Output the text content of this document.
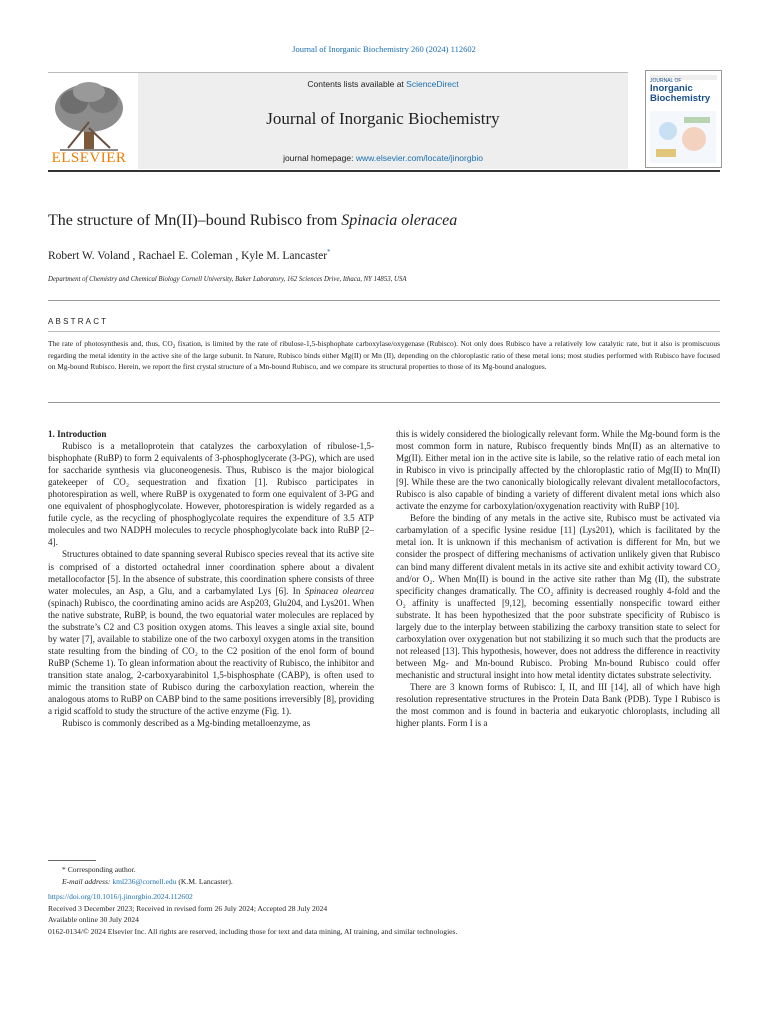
Journal of Inorganic Biochemistry 260 (2024) 112602
ELSEVIER
Contents lists available at ScienceDirect
Journal of Inorganic Biochemistry
journal homepage: www.elsevier.com/locate/jinorgbio
JOURNAL OF
Inorganic
Biochemistry
The structure of Mn(II)–bound Rubisco from Spinacia oleracea
Robert W. Voland , Rachael E. Coleman , Kyle M. Lancaster*
Department of Chemistry and Chemical Biology Cornell University, Baker Laboratory, 162 Sciences Drive, Ithaca, NY 14853, USA
ABSTRACT
The rate of photosynthesis and, thus, $CO_2$ fixation, is limited by the rate of ribulose-1,5-bisphophate carboxylase/oxygenase (Rubisco). Not only does Rubisco have a relatively low catalytic rate, but it also is promiscuous regarding the metal identity in the active site of the large subunit. In Nature, Rubisco binds either Mg(II) or Mn (II), depending on the chloroplastic ratio of these metal ions; most studies performed with Rubisco have focused on Mg-bound Rubisco. Herein, we report the first crystal structure of a Mn-bound Rubisco, and we compare its structural properties to those of its Mg-bound analogues.

1. Introduction

Rubisco is a metalloprotein that catalyzes the carboxylation of ribulose-1,5-bisphophate (RuBP) to form 2 equivalents of 3-phosphoglycerate (3-PG), which are used for saccharide synthesis via gluconeogenesis. Thus, Rubisco is the major biological gatekeeper of CO₂ sequestration and fixation [1]. Rubisco participates in photorespiration as well, where RuBP is oxygenated to form one equivalent of 3-PG and one equivalent of phosphoglycolate. However, photorespiration is widely regarded as a futile cycle, as the recycling of phosphoglycolate requires the expenditure of 3.5 ATP molecules and two NADPH molecules to recycle phosphoglycolate back into RuBP [2–4].

Structures obtained to date spanning several Rubisco species reveal that its active site is comprised of a distorted octahedral inner coordination sphere about a divalent metallocofactor [5]. In the absence of substrate, this coordination sphere consists of three water molecules, an Asp, a Glu, and a carbamylated Lys [6]. In Spinacea olearcea (spinach) Rubisco, the coordinating amino acids are Asp203, Glu204, and Lys201. When the native substrate, RuBP, is bound, the two equatorial water molecules are replaced by the substrate’s C2 and C3 position oxygen atoms. This leaves a single axial site, bound by water [7], available to stabilize one of the two carboxyl oxygen atoms in the transition state resulting from the binding of CO₂ to the C2 position of the enol form of bound RuBP (Scheme 1). To glean information about the reactivity of Rubisco, the inhibitor and transition state analog, 2-carboxyarabinitol 1,5-bisphosphate (CABP), is often used to mimic the transition state of Rubisco during the carboxylation reaction, wherein the analogous atoms to RuBP on CABP bind to the same positions irreversibly [8], providing a rigid scaffold to study the structure of the active enzyme (Fig. 1).

Rubisco is commonly described as a Mg-binding metalloenzyme, as

this is widely considered the biologically relevant form. While the Mg-bound form is the most common form in nature, Rubisco frequently binds Mn(II) as an alternative to Mg(II). Either metal ion in the active site is labile, so the relative ratio of each metal ion in Rubisco in vivo is principally affected by the chloroplastic ratio of Mg(II) to Mn(II) [9]. While these are the two canonically biologically relevant divalent metallocofactors, Rubisco is also capable of binding a variety of different divalent metal ions which also activate the enzyme for carboxylation/oxygenation reactivity with RuBP [10].

Before the binding of any metals in the active site, Rubisco must be activated via carbamylation of a specific lysine residue [11] (Lys201), which is facilitated by the metal ion. It is unknown if this mechanism of activation is different for Mn, but we consider the prospect of differing mechanisms of activation unlikely given that Rubisco can bind many different divalent metals in its active site and exhibit activity toward CO₂ and/or O₂. When Mn(II) is bound in the active site rather than Mg (II), the substrate specificity changes dramatically. The CO₂ affinity is decreased roughly 4-fold and the O₂ affinity is unaffected [9,12], becoming essentially nonspecific toward either substrate. It has been hypothesized that the poor substrate specificity of Rubisco is largely due to the interplay between stabilizing the carboxy transition state to select for carboxylation over oxygenation but not stabilizing it so much such that the products are not released [13]. This hypothesis, however, does not address the difference in reactivity between Mg- and Mn-bound Rubisco. Probing Mn-bound Rubisco could offer mechanistic and structural insight into how metal identity dictates substrate selectivity.

There are 3 known forms of Rubisco: I, II, and III [14], all of which have high resolution representative structures in the Protein Data Bank (PDB). Type I Rubisco is the most common and is found in bacteria and eukaryotic chloroplasts, including all higher plants. Form I is a

* Corresponding author.
E-mail address: kml236@cornell.edu (K.M. Lancaster).
https://doi.org/10.1016/j.jinorgbio.2024.112602
Received 3 December 2023; Received in revised form 26 July 2024; Accepted 28 July 2024
Available online 30 July 2024
0162-0134/© 2024 Elsevier Inc. All rights are reserved, including those for text and data mining, AI training, and similar technologies.
